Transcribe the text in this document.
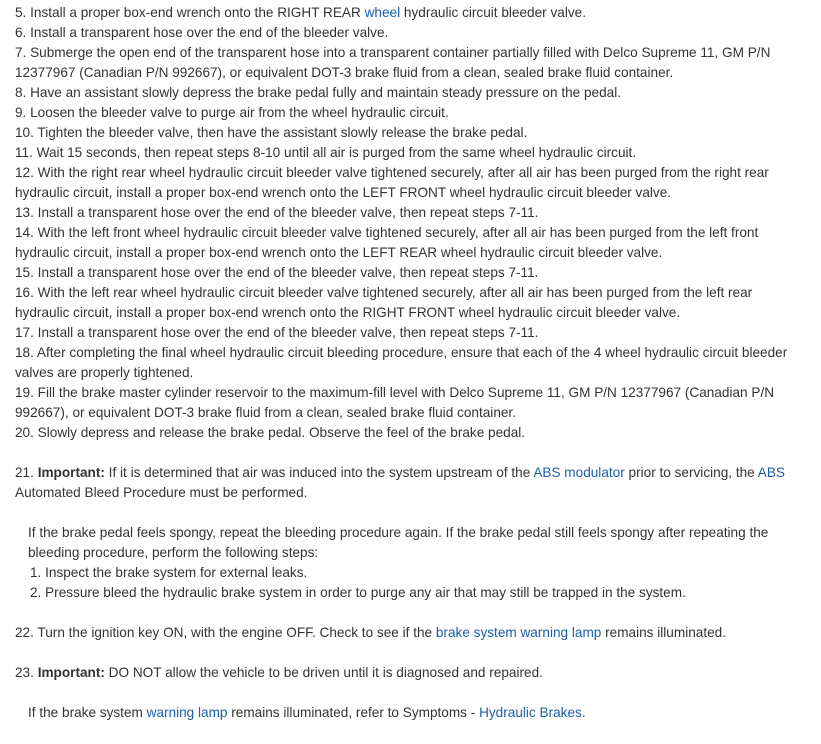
5. Install a proper box-end wrench onto the RIGHT REAR wheel hydraulic circuit bleeder valve.

6. Install a transparent hose over the end of the bleeder valve.

7. Submerge the open end of the transparent hose into a transparent container partially filled with Delco Supreme 11, GM P/N 12377967 (Canadian P/N 992667), or equivalent DOT-3 brake fluid from a clean, sealed brake fluid container.

8. Have an assistant slowly depress the brake pedal fully and maintain steady pressure on the pedal.

9. Loosen the bleeder valve to purge air from the wheel hydraulic circuit.

10. Tighten the bleeder valve, then have the assistant slowly release the brake pedal.

11. Wait 15 seconds, then repeat steps 8-10 until all air is purged from the same wheel hydraulic circuit.

12. With the right rear wheel hydraulic circuit bleeder valve tightened securely, after all air has been purged from the right rear hydraulic circuit, install a proper box-end wrench onto the LEFT FRONT wheel hydraulic circuit bleeder valve.

13. Install a transparent hose over the end of the bleeder valve, then repeat steps 7-11.

14. With the left front wheel hydraulic circuit bleeder valve tightened securely, after all air has been purged from the left front hydraulic circuit, install a proper box-end wrench onto the LEFT REAR wheel hydraulic circuit bleeder valve.

15. Install a transparent hose over the end of the bleeder valve, then repeat steps 7-11.

16. With the left rear wheel hydraulic circuit bleeder valve tightened securely, after all air has been purged from the left rear hydraulic circuit, install a proper box-end wrench onto the RIGHT FRONT wheel hydraulic circuit bleeder valve.

17. Install a transparent hose over the end of the bleeder valve, then repeat steps 7-11.

18. After completing the final wheel hydraulic circuit bleeding procedure, ensure that each of the 4 wheel hydraulic circuit bleeder valves are properly tightened.

19. Fill the brake master cylinder reservoir to the maximum-fill level with Delco Supreme 11, GM P/N 12377967 (Canadian P/N 992667), or equivalent DOT-3 brake fluid from a clean, sealed brake fluid container.

20. Slowly depress and release the brake pedal. Observe the feel of the brake pedal.

21. Important: If it is determined that air was induced into the system upstream of the ABS modulator prior to servicing, the ABS Automated Bleed Procedure must be performed.

If the brake pedal feels spongy, repeat the bleeding procedure again. If the brake pedal still feels spongy after repeating the bleeding procedure, perform the following steps:

1. Inspect the brake system for external leaks.

2. Pressure bleed the hydraulic brake system in order to purge any air that may still be trapped in the system.

22. Turn the ignition key ON, with the engine OFF. Check to see if the brake system warning lamp remains illuminated.

23. Important: DO NOT allow the vehicle to be driven until it is diagnosed and repaired.

If the brake system warning lamp remains illuminated, refer to Symptoms - Hydraulic Brakes.
